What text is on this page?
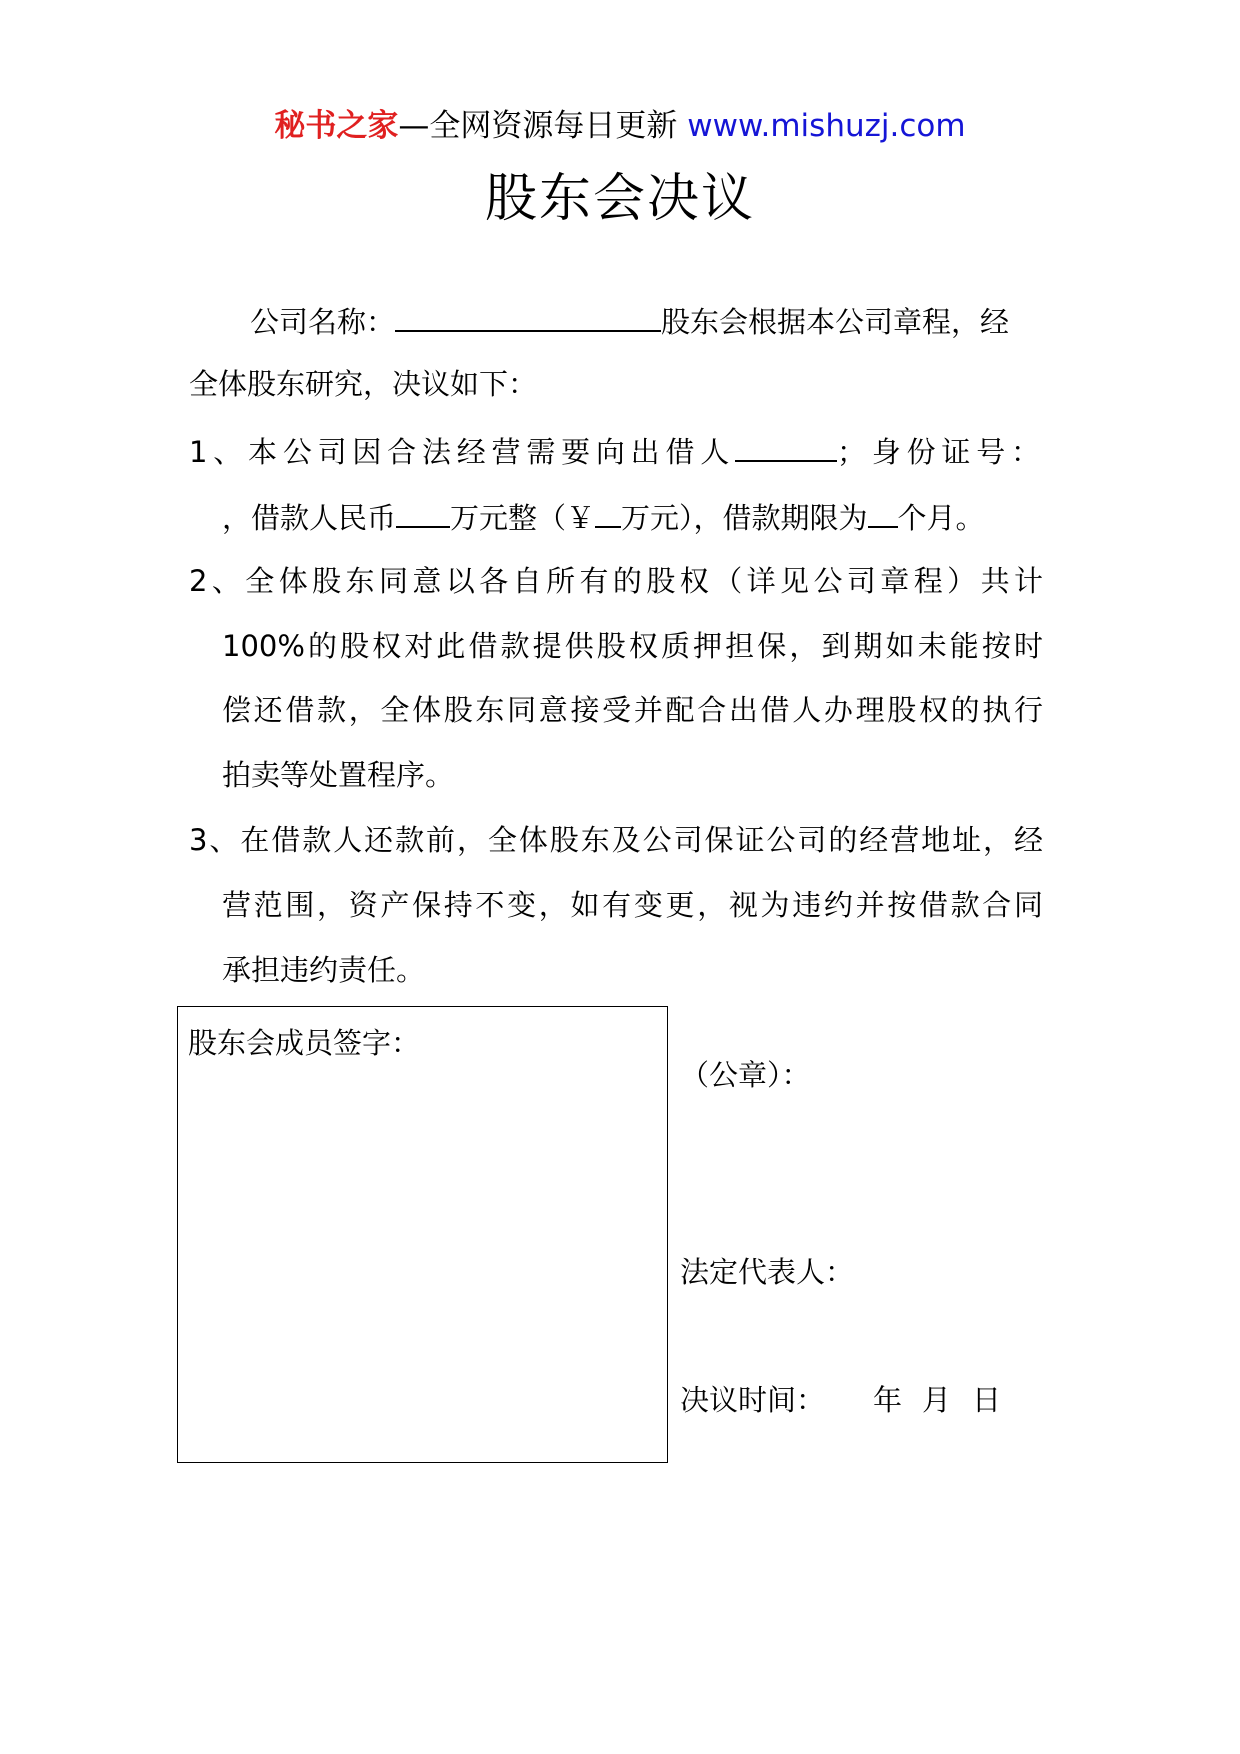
秘书之家—全网资源每日更新 www.mishuzj.com
股东会决议
公司名称：	股东会根据本公司章程，经
全体股东研究，决议如下：
1、本公司因合法经营需要向出借人	；身份证号：
，借款人民币 万元整（￥ 万元），借款期限为 个月。
2、全体股东同意以各自所有的股权（详见公司章程）共计
100%的股权对此借款提供股权质押担保，到期如未能按时
偿还借款，全体股东同意接受并配合出借人办理股权的执行
拍卖等处置程序。
3、在借款人还款前，全体股东及公司保证公司的经营地址，经
营范围，资产保持不变，如有变更，视为违约并按借款合同
承担违约责任。
股东会成员签字：
（公章）：
法定代表人：
决议时间： 年 月 日
